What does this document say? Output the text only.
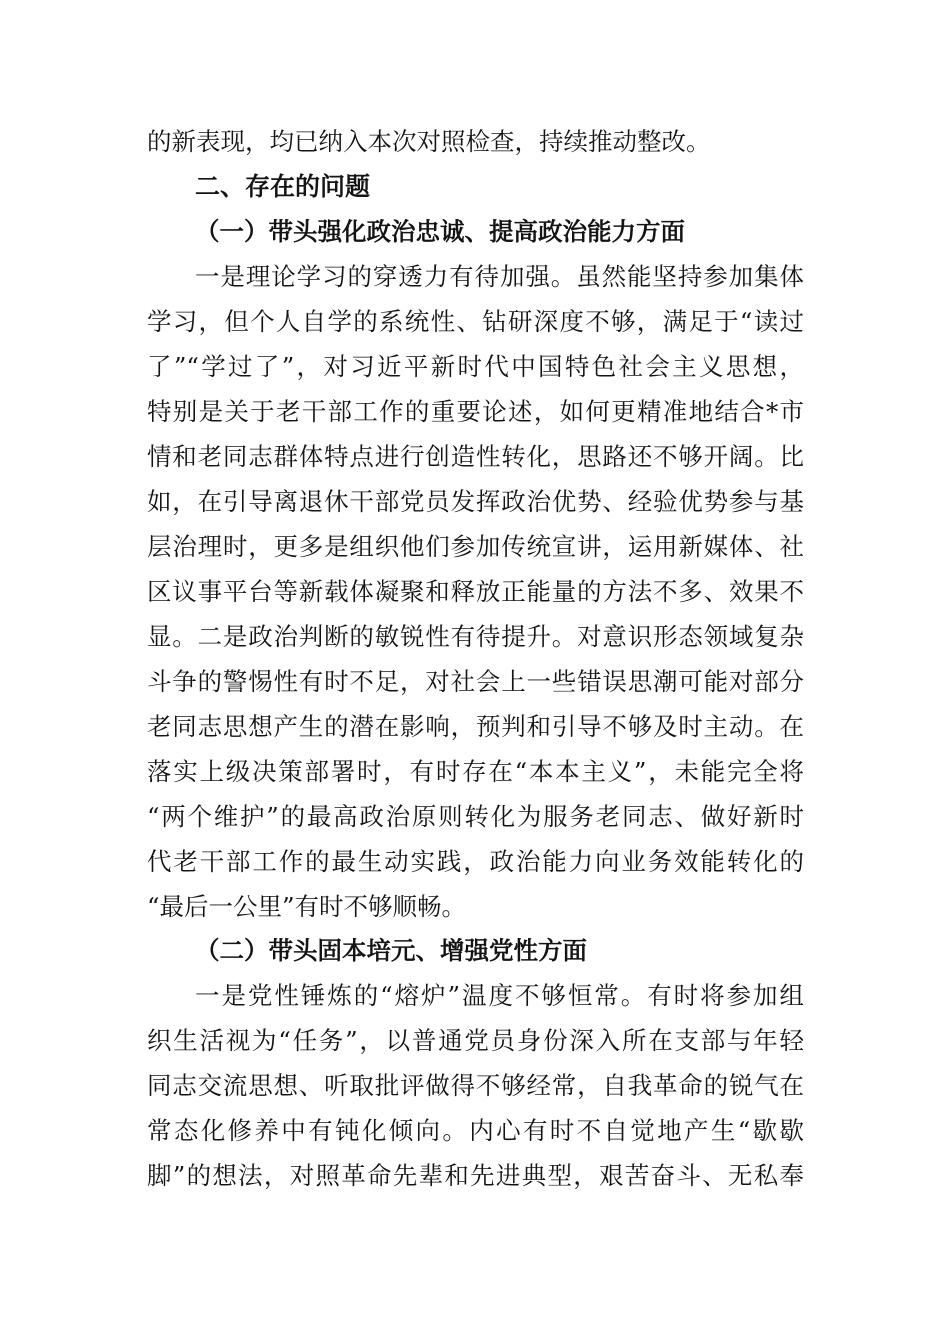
的新表现，均已纳入本次对照检查，持续推动整改。
二、存在的问题
（一）带头强化政治忠诚、提高政治能力方面
一是理论学习的穿透力有待加强。虽然能坚持参加集体
学习，但个人自学的系统性、钻研深度不够，满足于“读过
了”“学过了”，对习近平新时代中国特色社会主义思想，
特别是关于老干部工作的重要论述，如何更精准地结合*市
情和老同志群体特点进行创造性转化，思路还不够开阔。比
如，在引导离退休干部党员发挥政治优势、经验优势参与基
层治理时，更多是组织他们参加传统宣讲，运用新媒体、社
区议事平台等新载体凝聚和释放正能量的方法不多、效果不
显。二是政治判断的敏锐性有待提升。对意识形态领域复杂
斗争的警惕性有时不足，对社会上一些错误思潮可能对部分
老同志思想产生的潜在影响，预判和引导不够及时主动。在
落实上级决策部署时，有时存在“本本主义”，未能完全将
“两个维护”的最高政治原则转化为服务老同志、做好新时
代老干部工作的最生动实践，政治能力向业务效能转化的
“最后一公里”有时不够顺畅。
（二）带头固本培元、增强党性方面
一是党性锤炼的“熔炉”温度不够恒常。有时将参加组
织生活视为“任务”，以普通党员身份深入所在支部与年轻
同志交流思想、听取批评做得不够经常，自我革命的锐气在
常态化修养中有钝化倾向。内心有时不自觉地产生“歇歇
脚”的想法，对照革命先辈和先进典型，艰苦奋斗、无私奉
